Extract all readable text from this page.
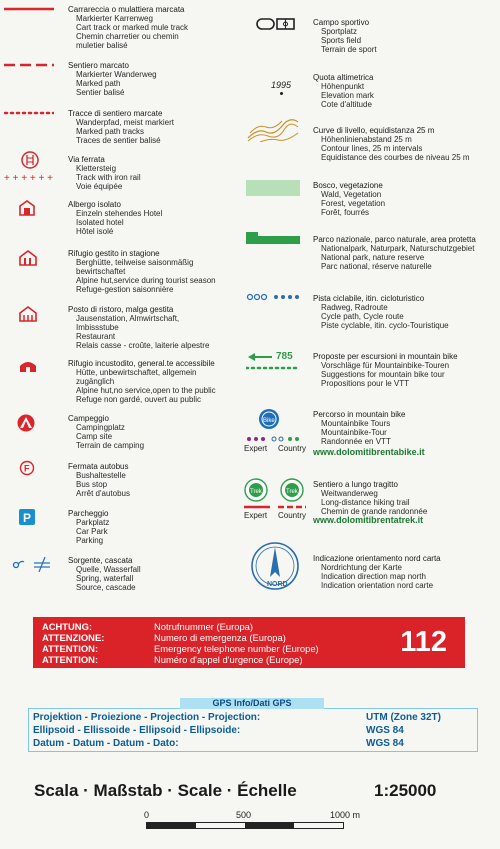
Carrareccia o mulattiera marcata
Markierter Karrenweg
Cart track or marked mule track
Chemin charretier ou chemin
muletier balisé
Sentiero marcato
Markierter Wanderweg
Marked path
Sentier balisé
Tracce di sentiero marcate
Wanderpfad, meist markiert
Marked path tracks
Traces de sentier balisé
+ + + + + +
Via ferrata
Klettersteig
Track with iron rail
Voie équipée
Albergo isolato
Einzeln stehendes Hotel
Isolated hotel
Hôtel isolé
Rifugio gestito in stagione
Berghütte, teilweise saisonmäßig
bewirtschaftet
Alpine hut,service during tourist season
Refuge-gestion saisonnière
Posto di ristoro, malga gestita
Jausenstation, Almwirtschaft,
Imbissstube
Restaurant
Relais casse - croûte, laiterie alpestre
Rifugio incustodito, general.te accessibile
Hütte, unbewirtschaftet, allgemein
zugänglich
Alpine hut,no service,open to the public
Refuge non gardé, ouvert au public
Campeggio
Campingplatz
Camp site
Terrain de camping
F	Fermata autobus
Bushaltestelle
Bus stop
Arrêt d'autobus
P	Parcheggio
Parkplatz
Car Park
Parking
Sorgente, cascata
Quelle, Wasserfall
Spring, waterfall
Source, cascade
Campo sportivo
Sportplatz
Sports field
Terrain de sport
1995
Quota altimetrica
Höhenpunkt
Elevation mark
Cote d'altitude
Curve di livello, equidistanza 25 m
Höhenlinienabstand 25 m
Contour lines, 25 m intervals
Equidistance des courbes de niveau 25 m
Bosco, vegetazione
Wald, Vegetation
Forest, vegetation
Forêt, fourrés
Parco nazionale, parco naturale, area protetta
Nationalpark, Naturpark, Naturschutzgebiet
National park, nature reserve
Parc national, réserve naturelle
Pista ciclabile, itin. cicloturistico
Radweg, Radroute
Cycle path, Cycle route
Piste cyclable, itin. cyclo-Touristique
785	Proposte per escursioni in mountain bike
Vorschläge für Mountainbike-Touren
Suggestions for mountain bike tour
Propositions pour le VTT
Bike
Expert Country
Percorso in mountain bike
Mountainbike Tours
Mountainbike-Tour
Randonnée en VTT
www.dolomitibrentabike.it
Trek	Trek
Expert Country
Sentiero a lungo tragitto
Weitwanderweg
Long-distance hiking trail
Chemin de grande randonnée
www.dolomitibrentatrek.it
NORD
Indicazione orientamento nord carta
Nordrichtung der Karte
Indication direction map north
Indication orientation nord carte
ACHTUNG:	Notrufnummer (Europa)
ATTENZIONE:	Numero di emergenza (Europa)
ATTENTION:	Emergency telephone number (Europe)
ATTENTION:	Numéro d'appel d'urgence (Europe)
112
GPS Info/Dati GPS
Projektion - Proiezione - Projection - Projection:	UTM (Zone 32T)
Ellipsoid - Ellissoide - Ellipsoid - Ellipsoide:	WGS 84
Datum - Datum - Datum - Dato:	WGS 84
Scala · Maßstab · Scale · Échelle	1:25000
0	500	1000 m
